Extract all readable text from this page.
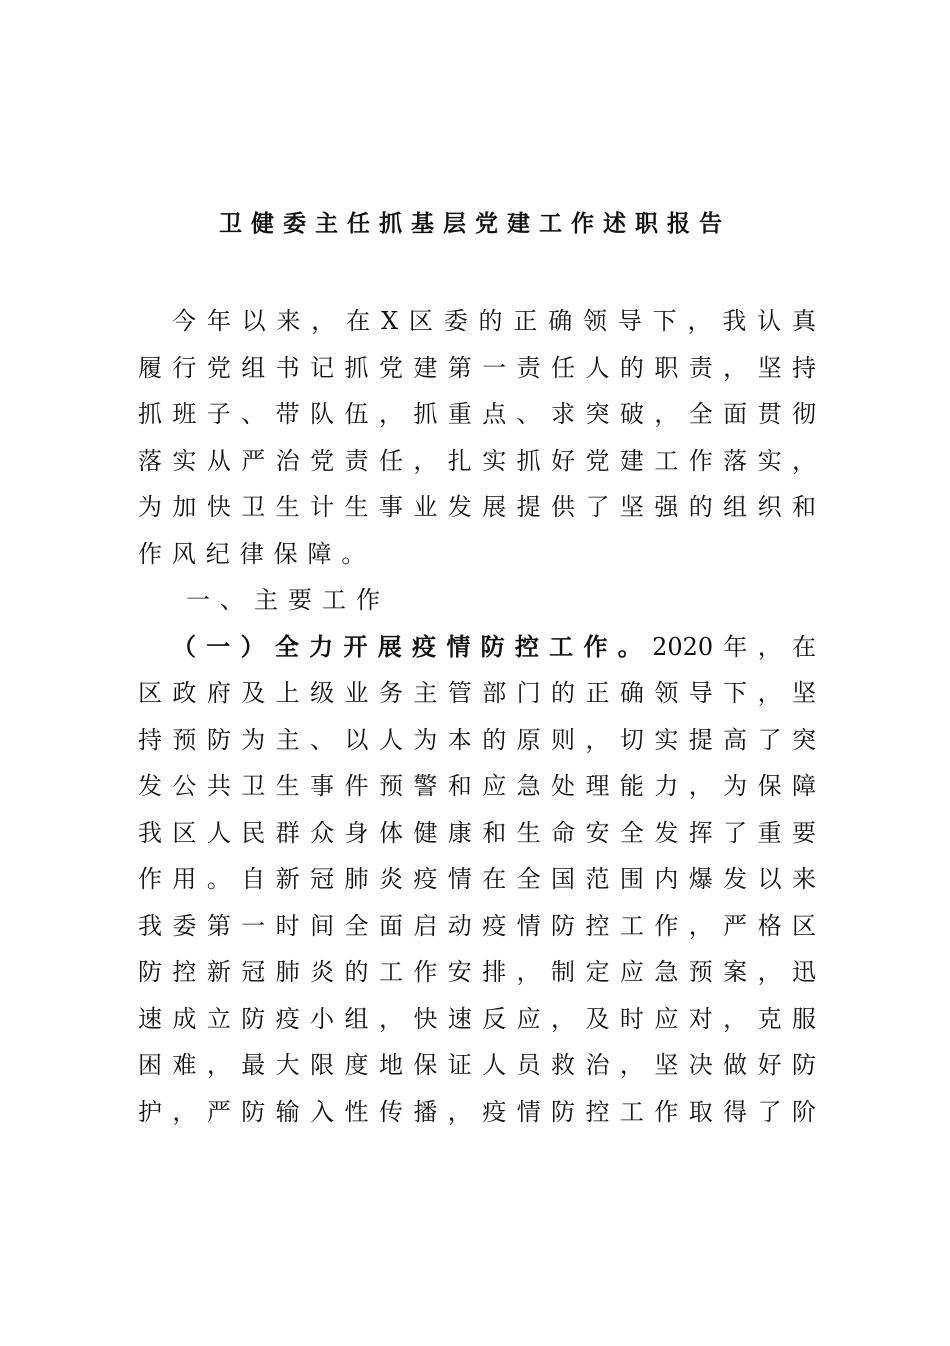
卫健委主任抓基层党建工作述职报告
今年以来，在X区委的正确领导下，我认真
履行党组书记抓党建第一责任人的职责，坚持
抓班子、带队伍，抓重点、求突破，全面贯彻
落实从严治党责任，扎实抓好党建工作落实，
为加快卫生计生事业发展提供了坚强的组织和
作风纪律保障。
一、主要工作
（一）全力开展疫情防控工作。2020年，在
区政府及上级业务主管部门的正确领导下，坚
持预防为主、以人为本的原则，切实提高了突
发公共卫生事件预警和应急处理能力，为保障
我区人民群众身体健康和生命安全发挥了重要
作用。自新冠肺炎疫情在全国范围内爆发以来
我委第一时间全面启动疫情防控工作，严格区
防控新冠肺炎的工作安排，制定应急预案，迅
速成立防疫小组，快速反应，及时应对，克服
困难，最大限度地保证人员救治，坚决做好防
护，严防输入性传播，疫情防控工作取得了阶
